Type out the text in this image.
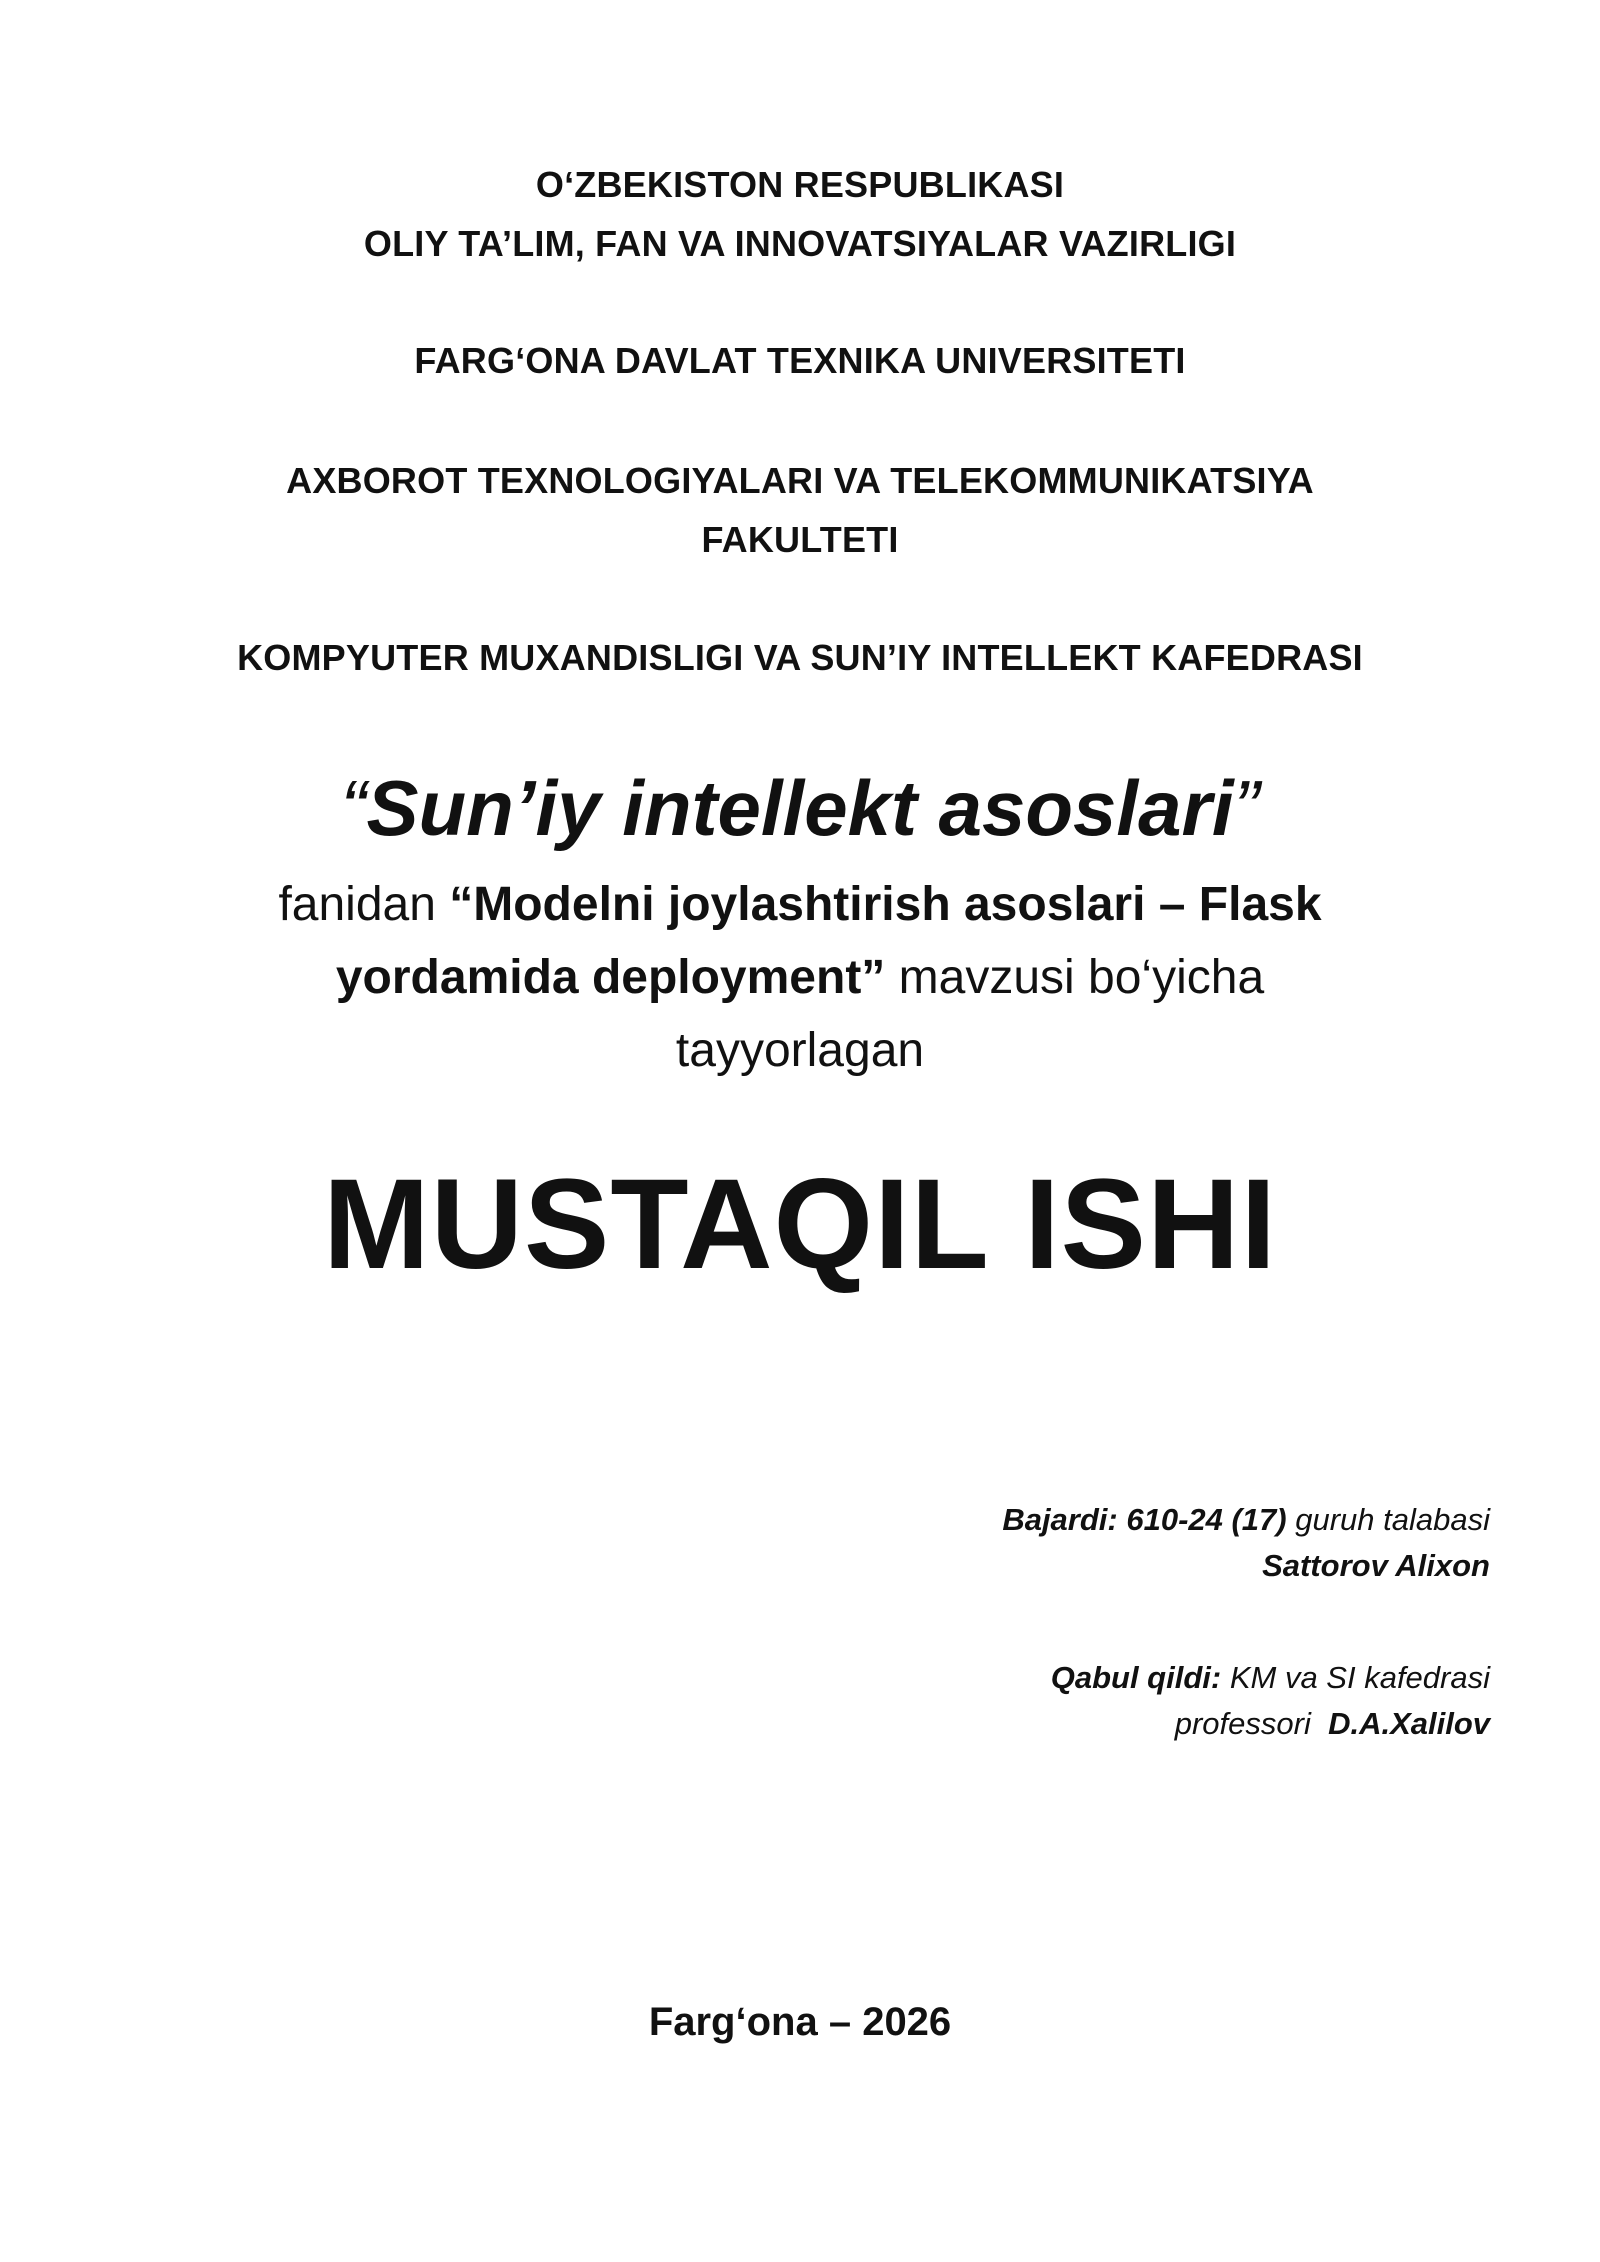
O‘ZBEKISTON RESPUBLIKASI
OLIY TA’LIM, FAN VA INNOVATSIYALAR VAZIRLIGI
FARG‘ONA DAVLAT TEXNIKA UNIVERSITETI
AXBOROT TEXNOLOGIYALARI VA TELEKOMMUNIKATSIYA
FAKULTETI
KOMPYUTER MUXANDISLIGI VA SUN’IY INTELLEKT KAFEDRASI
“Sun’iy intellekt asoslari”
fanidan “Modelni joylashtirish asoslari – Flask
yordamida deployment” mavzusi bo‘yicha
tayyorlagan
MUSTAQIL ISHI
Bajardi: 610-24 (17) guruh talabasi
Sattorov Alixon
Qabul qildi: KM va SI kafedrasi
professori  D.A.Xalilov
Farg‘ona – 2026
